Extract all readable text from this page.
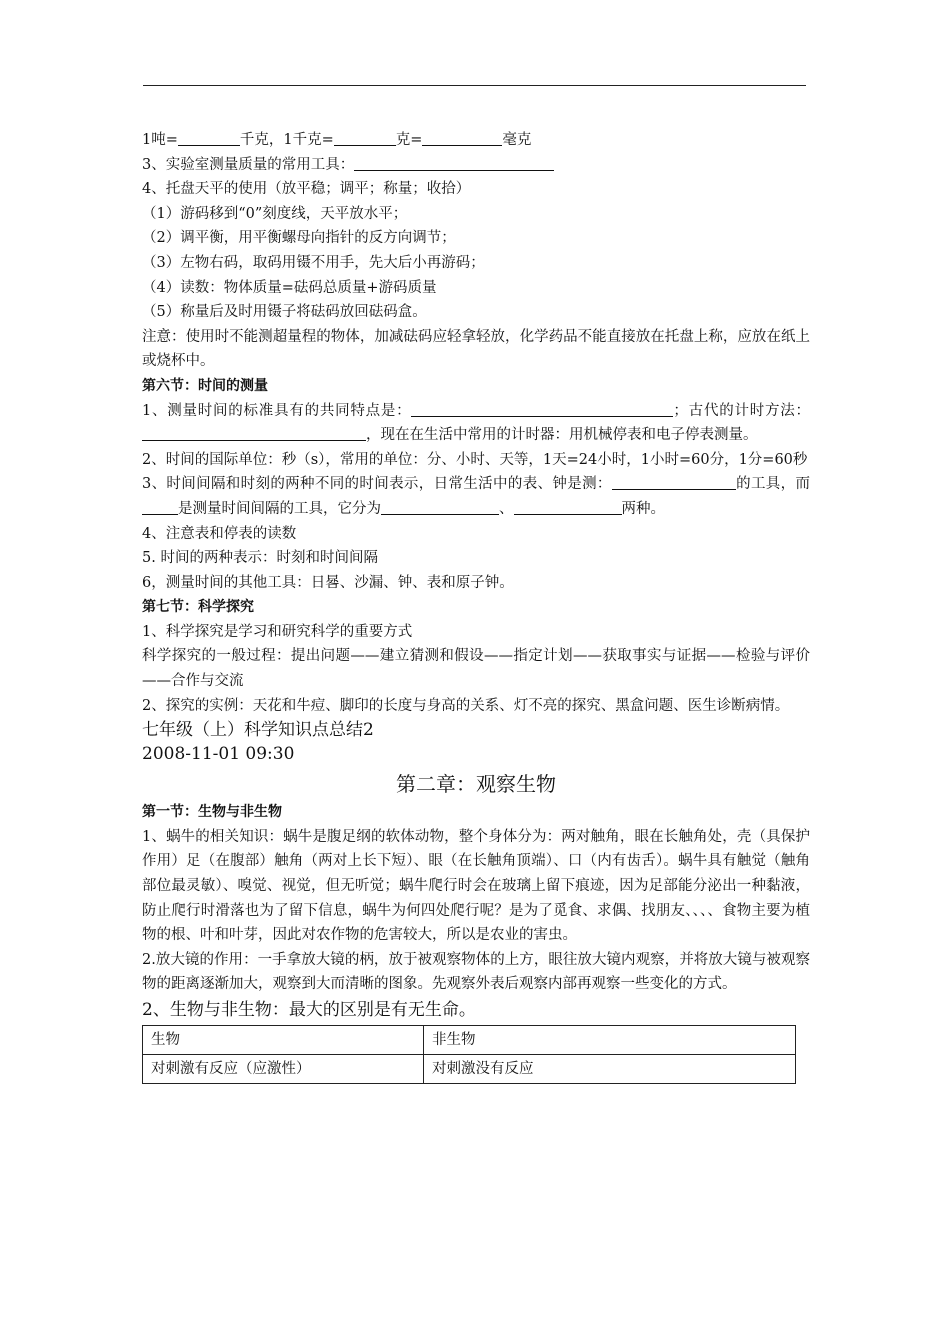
1吨=	千克，1千克=	克=	毫克
3、实验室测量质量的常用工具：
4、托盘天平的使用（放平稳；调平；称量；收拾）
（1）游码移到“0”刻度线，天平放水平；
（2）调平衡，用平衡螺母向指针的反方向调节；
（3）左物右码，取码用镊不用手，先大后小再游码；
（4）读数：物体质量=砝码总质量+游码质量
（5）称量后及时用镊子将砝码放回砝码盒。
注意：使用时不能测超量程的物体，加减砝码应轻拿轻放，化学药品不能直接放在托盘上称，应放在纸上或烧杯中。
第六节：时间的测量
1、测量时间的标准具有的共同特点是：	；古代的计时方法：，现在在生活中常用的计时器：用机械停表和电子停表测量。
2、时间的国际单位：秒（s），常用的单位：分、小时、天等，1天=24小时，1小时=60分，1分=60秒
3、时间间隔和时刻的两种不同的时间表示，日常生活中的表、钟是测：	的工具，而是测量时间间隔的工具，它分为	、	两种。
4、注意表和停表的读数
5. 时间的两种表示：时刻和时间间隔
6，测量时间的其他工具：日晷、沙漏、钟、表和原子钟。
第七节：科学探究
1、科学探究是学习和研究科学的重要方式
科学探究的一般过程：提出问题——建立猜测和假设——指定计划——获取事实与证据——检验与评价——合作与交流
2、探究的实例：天花和牛痘、脚印的长度与身高的关系、灯不亮的探究、黑盒问题、医生诊断病情。
七年级（上）科学知识点总结2
2008-11-01 09:30
第二章：观察生物
第一节：生物与非生物
1、蜗牛的相关知识：蜗牛是腹足纲的软体动物，整个身体分为：两对触角，眼在长触角处，壳（具保护作用）足（在腹部）触角（两对上长下短）、眼（在长触角顶端）、口（内有齿舌）。蜗牛具有触觉（触角部位最灵敏）、嗅觉、视觉，但无听觉；蜗牛爬行时会在玻璃上留下痕迹，因为足部能分泌出一种黏液，防止爬行时滑落也为了留下信息，蜗牛为何四处爬行呢？是为了觅食、求偶、找朋友、、、、食物主要为植物的根、叶和叶芽，因此对农作物的危害较大，所以是农业的害虫。
2.放大镜的作用：一手拿放大镜的柄，放于被观察物体的上方，眼往放大镜内观察，并将放大镜与被观察物的距离逐渐加大，观察到大而清晰的图象。先观察外表后观察内部再观察一些变化的方式。
2、生物与非生物：最大的区别是有无生命。
生物	非生物
对刺激有反应（应激性）	对刺激没有反应
